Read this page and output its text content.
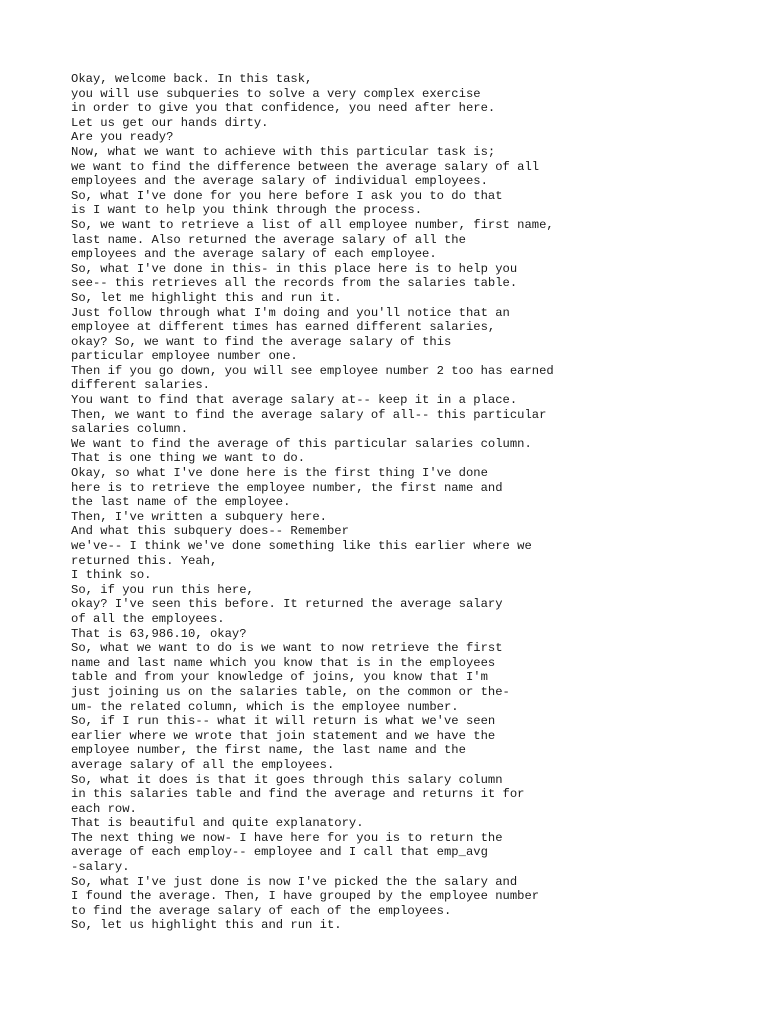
Okay, welcome back. In this task,
you will use subqueries to solve a very complex exercise
in order to give you that confidence, you need after here.
Let us get our hands dirty.
Are you ready?
Now, what we want to achieve with this particular task is;
we want to find the difference between the average salary of all
employees and the average salary of individual employees.
So, what I've done for you here before I ask you to do that
is I want to help you think through the process.
So, we want to retrieve a list of all employee number, first name,
last name. Also returned the average salary of all the
employees and the average salary of each employee.
So, what I've done in this- in this place here is to help you
see-- this retrieves all the records from the salaries table.
So, let me highlight this and run it.
Just follow through what I'm doing and you'll notice that an
employee at different times has earned different salaries,
okay? So, we want to find the average salary of this
particular employee number one.
Then if you go down, you will see employee number 2 too has earned
different salaries.
You want to find that average salary at-- keep it in a place.
Then, we want to find the average salary of all-- this particular
salaries column.
We want to find the average of this particular salaries column.
That is one thing we want to do.
Okay, so what I've done here is the first thing I've done
here is to retrieve the employee number, the first name and
the last name of the employee.
Then, I've written a subquery here.
And what this subquery does-- Remember
we've-- I think we've done something like this earlier where we
returned this. Yeah,
I think so.
So, if you run this here,
okay? I've seen this before. It returned the average salary
of all the employees.
That is 63,986.10, okay?
So, what we want to do is we want to now retrieve the first
name and last name which you know that is in the employees
table and from your knowledge of joins, you know that I'm
just joining us on the salaries table, on the common or the-
um- the related column, which is the employee number.
So, if I run this-- what it will return is what we've seen
earlier where we wrote that join statement and we have the
employee number, the first name, the last name and the
average salary of all the employees.
So, what it does is that it goes through this salary column
in this salaries table and find the average and returns it for
each row.
That is beautiful and quite explanatory.
The next thing we now- I have here for you is to return the
average of each employ-- employee and I call that emp_avg
-salary.
So, what I've just done is now I've picked the the salary and
I found the average. Then, I have grouped by the employee number
to find the average salary of each of the employees.
So, let us highlight this and run it.
